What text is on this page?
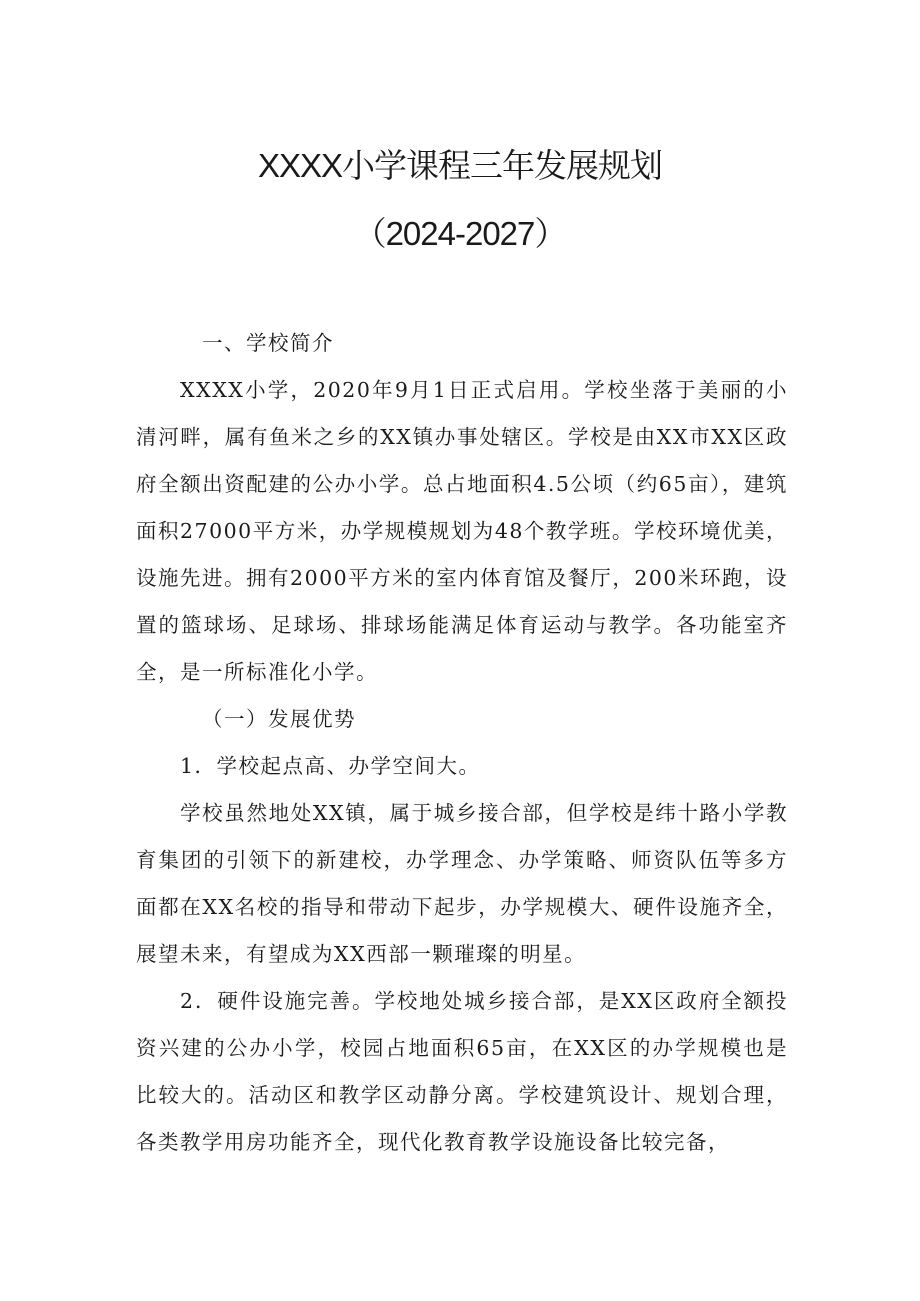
XXXX小学课程三年发展规划
（2024-2027）

一、学校简介

XXXX小学，2020年9月1日正式启用。学校坐落于美丽的小清河畔，属有鱼米之乡的XX镇办事处辖区。学校是由XX市XX区政府全额出资配建的公办小学。总占地面积4.5公顷（约65亩），建筑面积27000平方米，办学规模规划为48个教学班。学校环境优美，设施先进。拥有2000平方米的室内体育馆及餐厅，200米环跑，设置的篮球场、足球场、排球场能满足体育运动与教学。各功能室齐全，是一所标准化小学。

（一）发展优势

1．学校起点高、办学空间大。

学校虽然地处XX镇，属于城乡接合部，但学校是纬十路小学教育集团的引领下的新建校，办学理念、办学策略、师资队伍等多方面都在XX名校的指导和带动下起步，办学规模大、硬件设施齐全，展望未来，有望成为XX西部一颗璀璨的明星。

2．硬件设施完善。学校地处城乡接合部，是XX区政府全额投资兴建的公办小学，校园占地面积65亩，在XX区的办学规模也是比较大的。活动区和教学区动静分离。学校建筑设计、规划合理，各类教学用房功能齐全，现代化教育教学设施设备比较完备，
